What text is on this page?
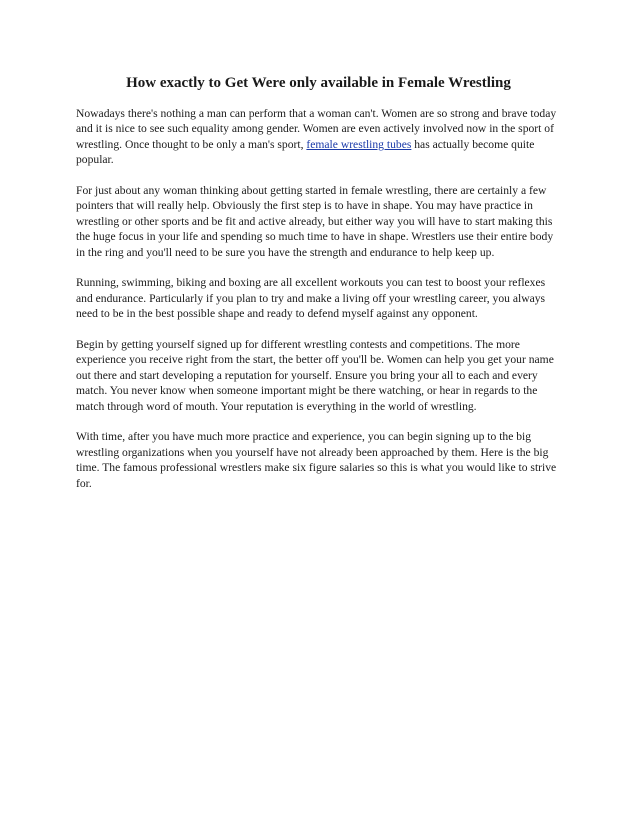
How exactly to Get Were only available in Female Wrestling

Nowadays there's nothing a man can perform that a woman can't. Women are so strong and brave today and it is nice to see such equality among gender. Women are even actively involved now in the sport of wrestling. Once thought to be only a man's sport, female wrestling tubes has actually become quite popular.

For just about any woman thinking about getting started in female wrestling, there are certainly a few pointers that will really help. Obviously the first step is to have in shape. You may have practice in wrestling or other sports and be fit and active already, but either way you will have to start making this the huge focus in your life and spending so much time to have in shape. Wrestlers use their entire body in the ring and you'll need to be sure you have the strength and endurance to help keep up.

Running, swimming, biking and boxing are all excellent workouts you can test to boost your reflexes and endurance. Particularly if you plan to try and make a living off your wrestling career, you always need to be in the best possible shape and ready to defend myself against any opponent.

Begin by getting yourself signed up for different wrestling contests and competitions. The more experience you receive right from the start, the better off you'll be. Women can help you get your name out there and start developing a reputation for yourself. Ensure you bring your all to each and every match. You never know when someone important might be there watching, or hear in regards to the match through word of mouth. Your reputation is everything in the world of wrestling.

With time, after you have much more practice and experience, you can begin signing up to the big wrestling organizations when you yourself have not already been approached by them. Here is the big time. The famous professional wrestlers make six figure salaries so this is what you would like to strive for.
